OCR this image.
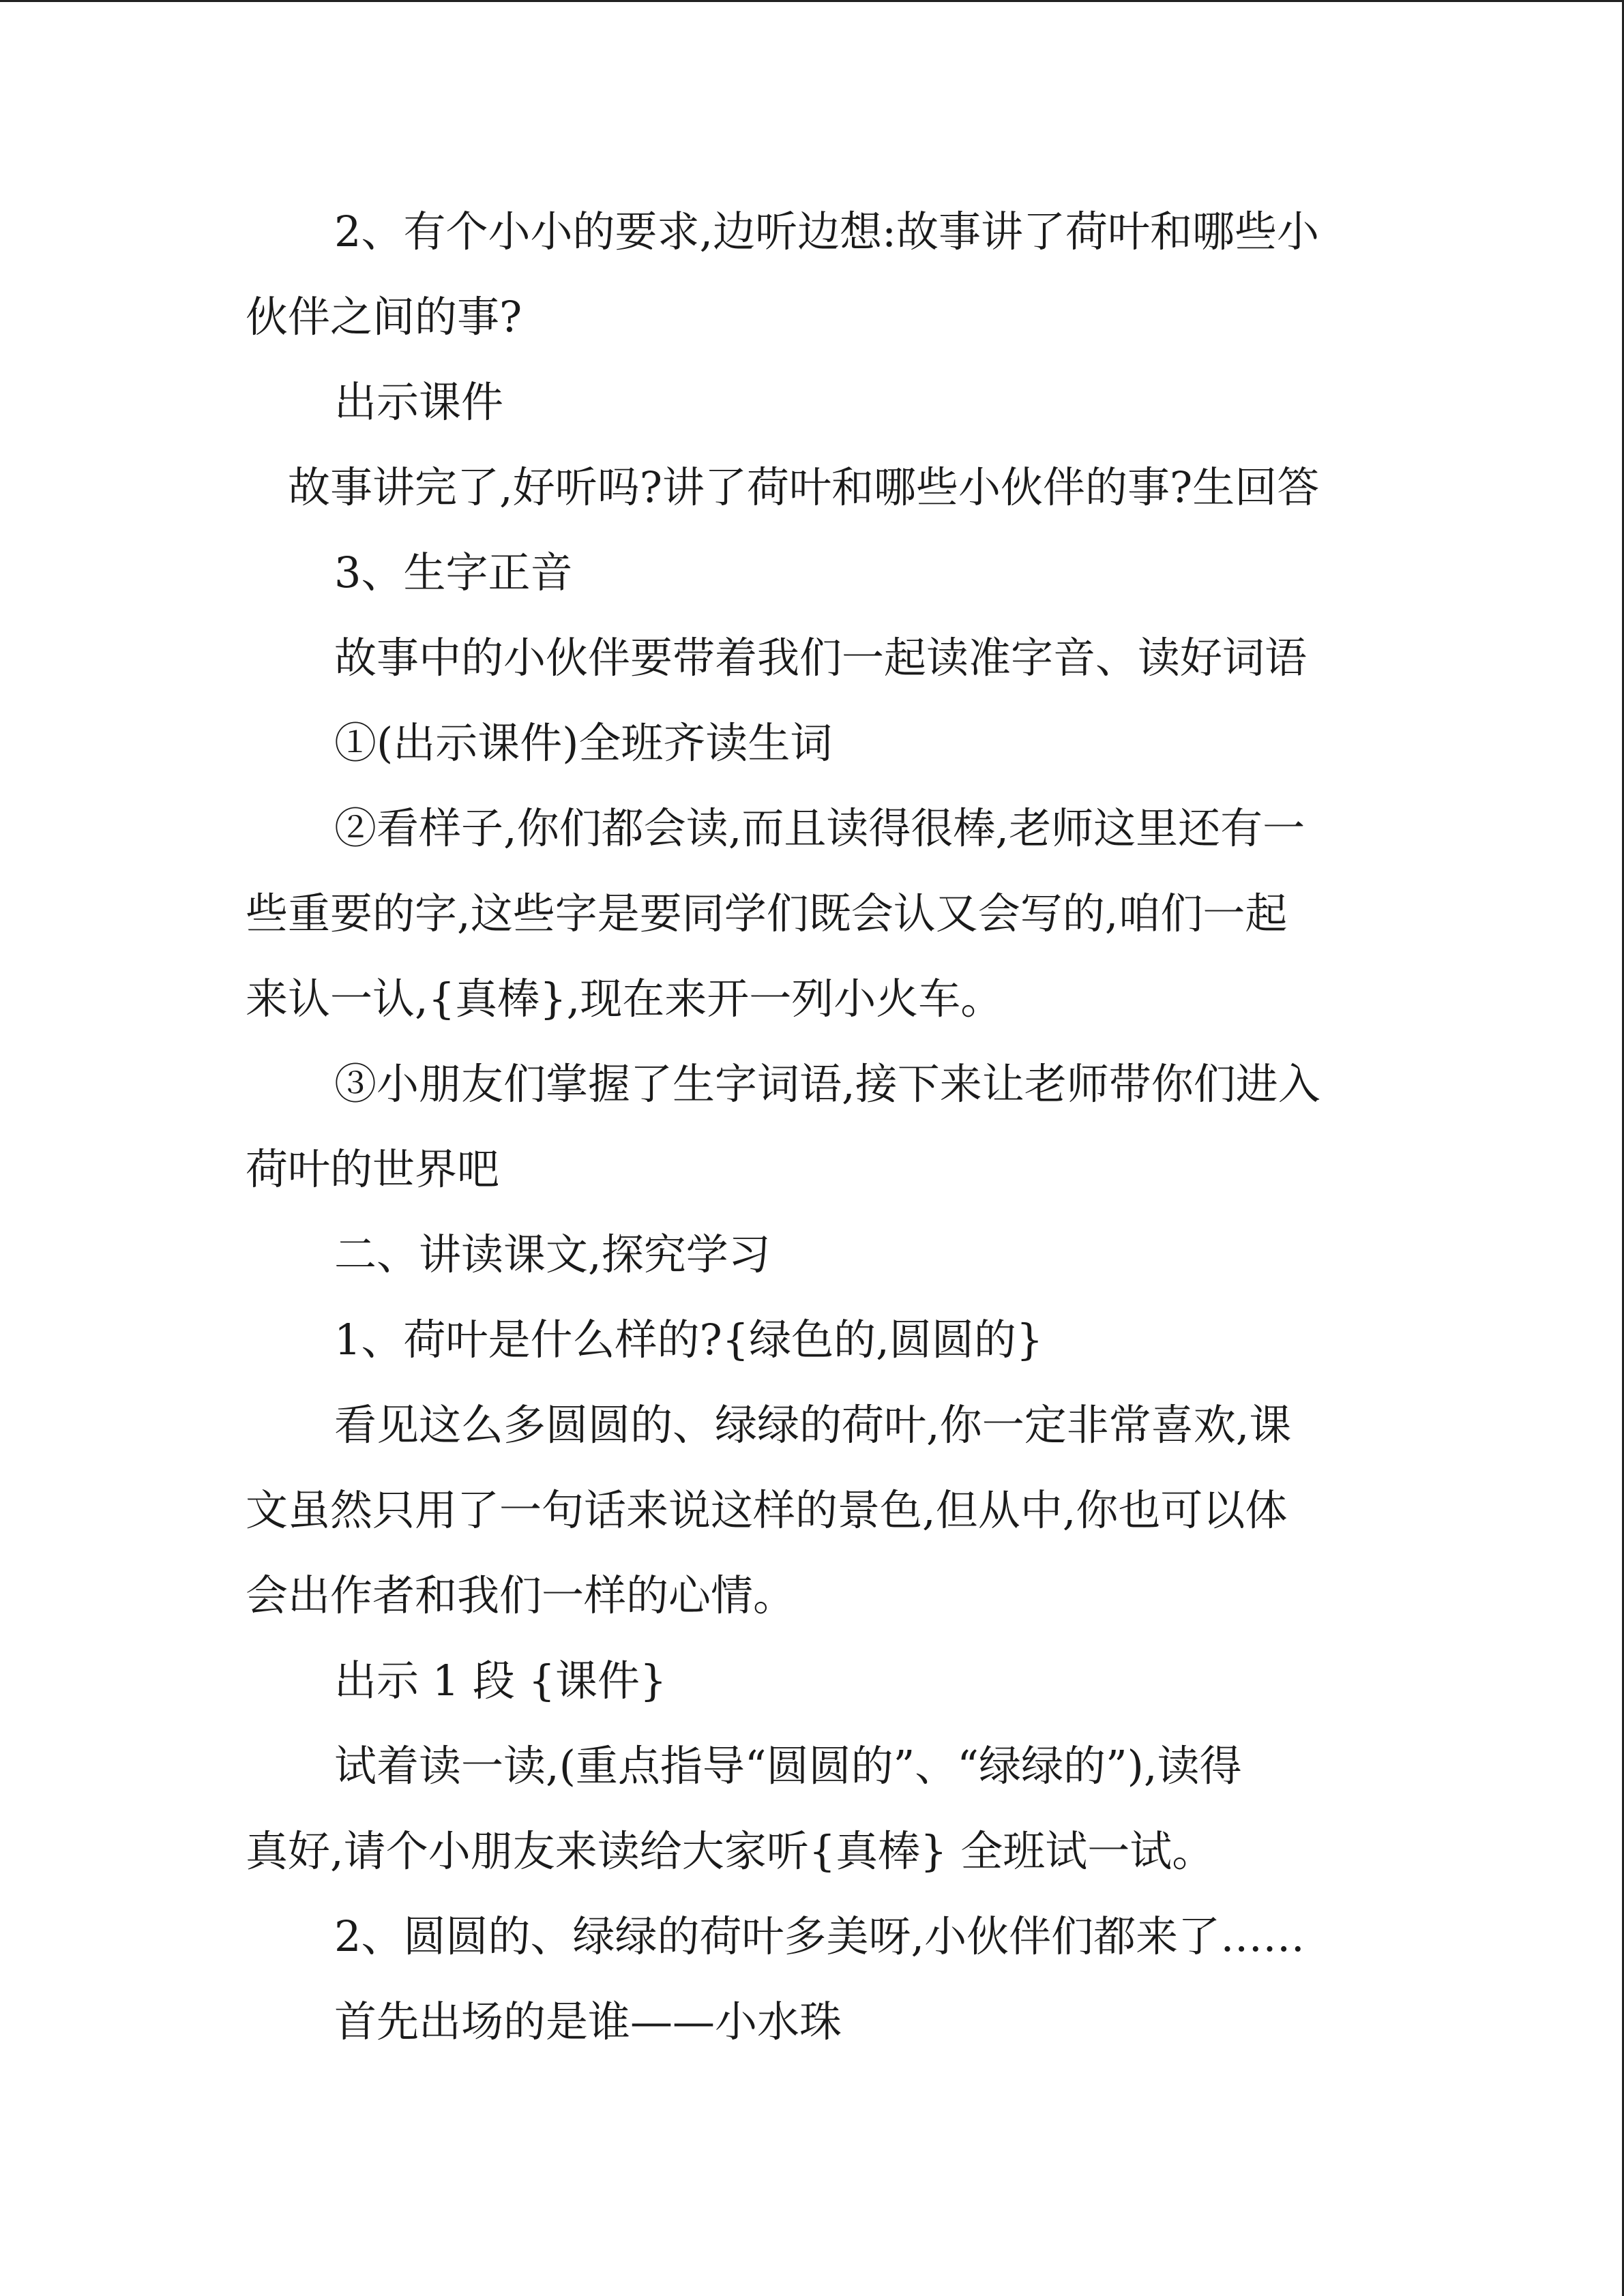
2、有个小小的要求,边听边想:故事讲了荷叶和哪些小
伙伴之间的事?
出示课件
故事讲完了,好听吗?讲了荷叶和哪些小伙伴的事?生回答
3、生字正音
故事中的小伙伴要带着我们一起读准字音、读好词语
①(出示课件)全班齐读生词
②看样子,你们都会读,而且读得很棒,老师这里还有一
些重要的字,这些字是要同学们既会认又会写的,咱们一起
来认一认,{真棒},现在来开一列小火车。
③小朋友们掌握了生字词语,接下来让老师带你们进入
荷叶的世界吧
二、讲读课文,探究学习
1、荷叶是什么样的?{绿色的,圆圆的}
看见这么多圆圆的、绿绿的荷叶,你一定非常喜欢,课
文虽然只用了一句话来说这样的景色,但从中,你也可以体
会出作者和我们一样的心情。
出示 1 段 {课件}
试着读一读,(重点指导“圆圆的”、“绿绿的”),读得
真好,请个小朋友来读给大家听{真棒} 全班试一试。
2、圆圆的、绿绿的荷叶多美呀,小伙伴们都来了……
首先出场的是谁——小水珠
